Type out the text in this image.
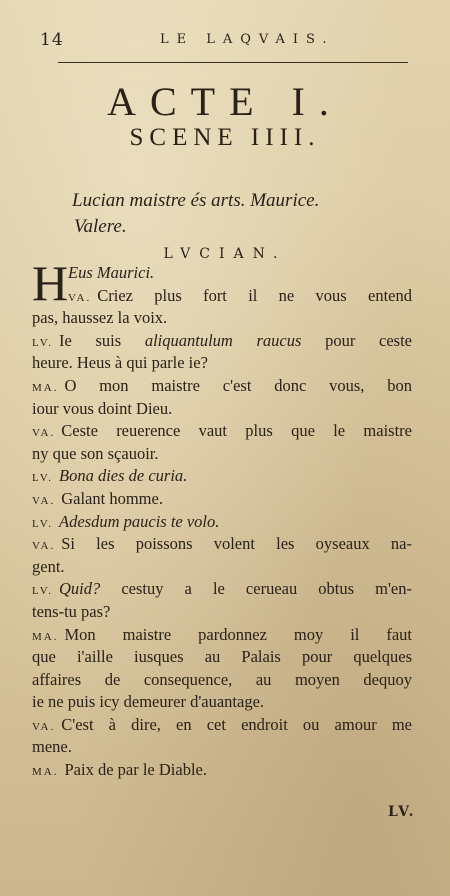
14	LE LAQVAIS.
ACTE I.
SCENE IIII.
Lucian maistre és arts. Maurice.
Valere.
LVCIAN.
H Eus Maurici.
VA. Criez plus fort il ne vous entend
pas, haussez la voix.
LV. Ie suis aliquantulum raucus pour ceste
heure. Heus à qui parle ie?
MA. O mon maistre c'est donc vous, bon
iour vous doint Dieu.
VA. Ceste reuerence vaut plus que le maistre
ny que son sçauoir.
LV. Bona dies de curia.
VA. Galant homme.
LV. Adesdum paucis te volo.
VA. Si les poissons volent les oyseaux na-
gent.
LV. Quid? cestuy a le cerueau obtus m'en-
tens-tu pas?
MA. Mon maistre pardonnez moy il faut
que i'aille iusques au Palais pour quelques
affaires de consequence, au moyen dequoy
ie ne puis icy demeurer d'auantage.
VA. C'est à dire, en cet endroit ou amour me
mene.
MA. Paix de par le Diable.
LV.
